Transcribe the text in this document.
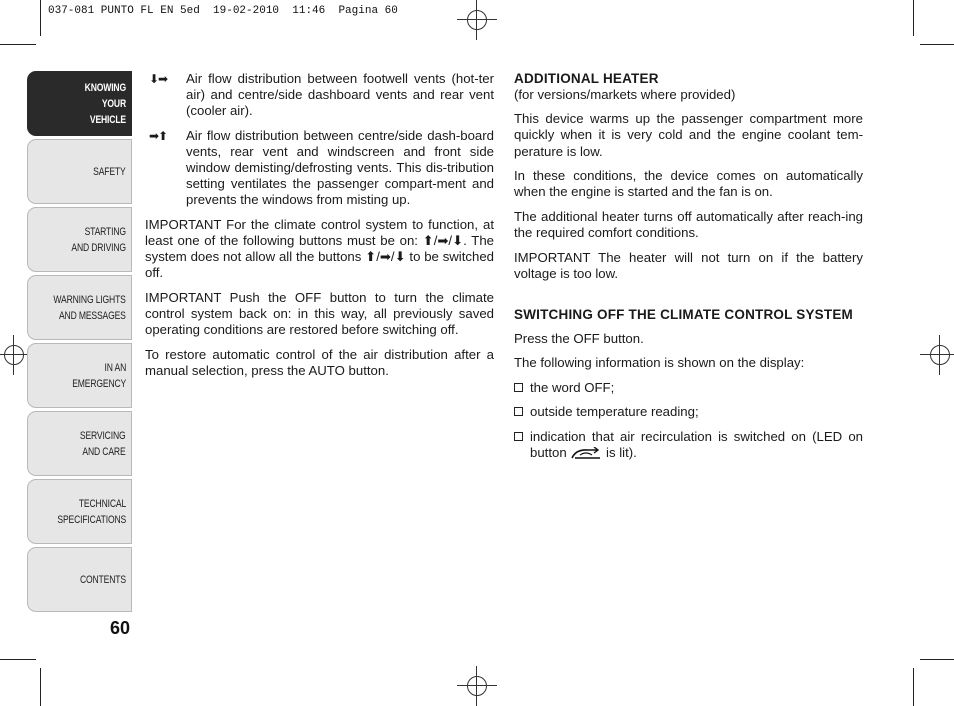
037-081 PUNTO FL EN 5ed  19-02-2010  11:46  Pagina 60
KNOWING
YOUR
VEHICLE
SAFETY
STARTING
AND DRIVING
WARNING LIGHTS
AND MESSAGES
IN AN
EMERGENCY
SERVICING
AND CARE
TECHNICAL
SPECIFICATIONS
CONTENTS
60
⬇➡ Air flow distribution between footwell vents (hot-ter air) and centre/side dashboard vents and rear vent (cooler air).
➡⬆ Air flow distribution between centre/side dash-board vents, rear vent and windscreen and front side window demisting/defrosting vents. This dis-tribution setting ventilates the passenger compart-ment and prevents the windows from misting up.

IMPORTANT For the climate control system to function, at least one of the following buttons must be on: ⬆/➡/⬇. The system does not allow all the buttons ⬆/➡/⬇ to be switched off.

IMPORTANT Push the OFF button to turn the climate control system back on: in this way, all previously saved operating conditions are restored before switching off.

To restore automatic control of the air distribution after a manual selection, press the AUTO button.

ADDITIONAL HEATER

(for versions/markets where provided)

This device warms up the passenger compartment more quickly when it is very cold and the engine coolant tem-perature is low.

In these conditions, the device comes on automatically when the engine is started and the fan is on.

The additional heater turns off automatically after reach-ing the required comfort conditions.

IMPORTANT The heater will not turn on if the battery voltage is too low.

SWITCHING OFF THE CLIMATE CONTROL SYSTEM

Press the OFF button.

The following information is shown on the display:

the word OFF;
outside temperature reading;
indication that air recirculation is switched on (LED on button	is lit).
